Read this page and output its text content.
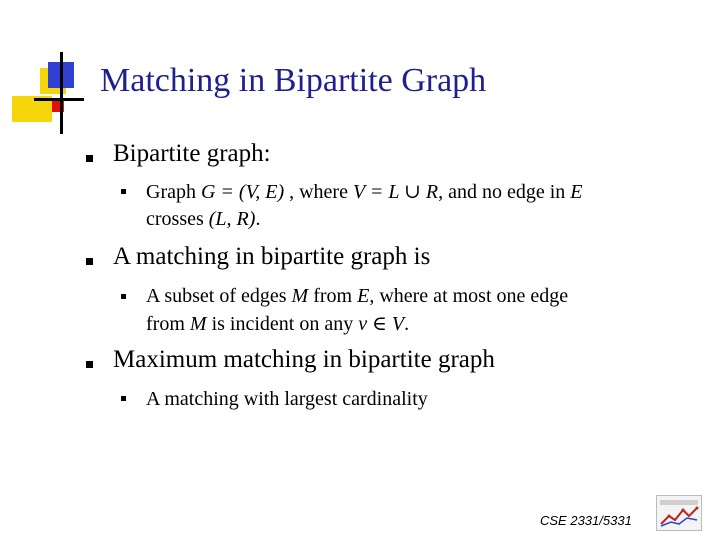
Matching in Bipartite Graph
Bipartite graph:
Graph G = (V, E) , where V = L ∪ R, and no edge in E
crosses (L, R).
A matching in bipartite graph is
A subset of edges M from E, where at most one edge
from M is incident on any v ∈ V.
Maximum matching in bipartite graph
A matching with largest cardinality
CSE 2331/5331
